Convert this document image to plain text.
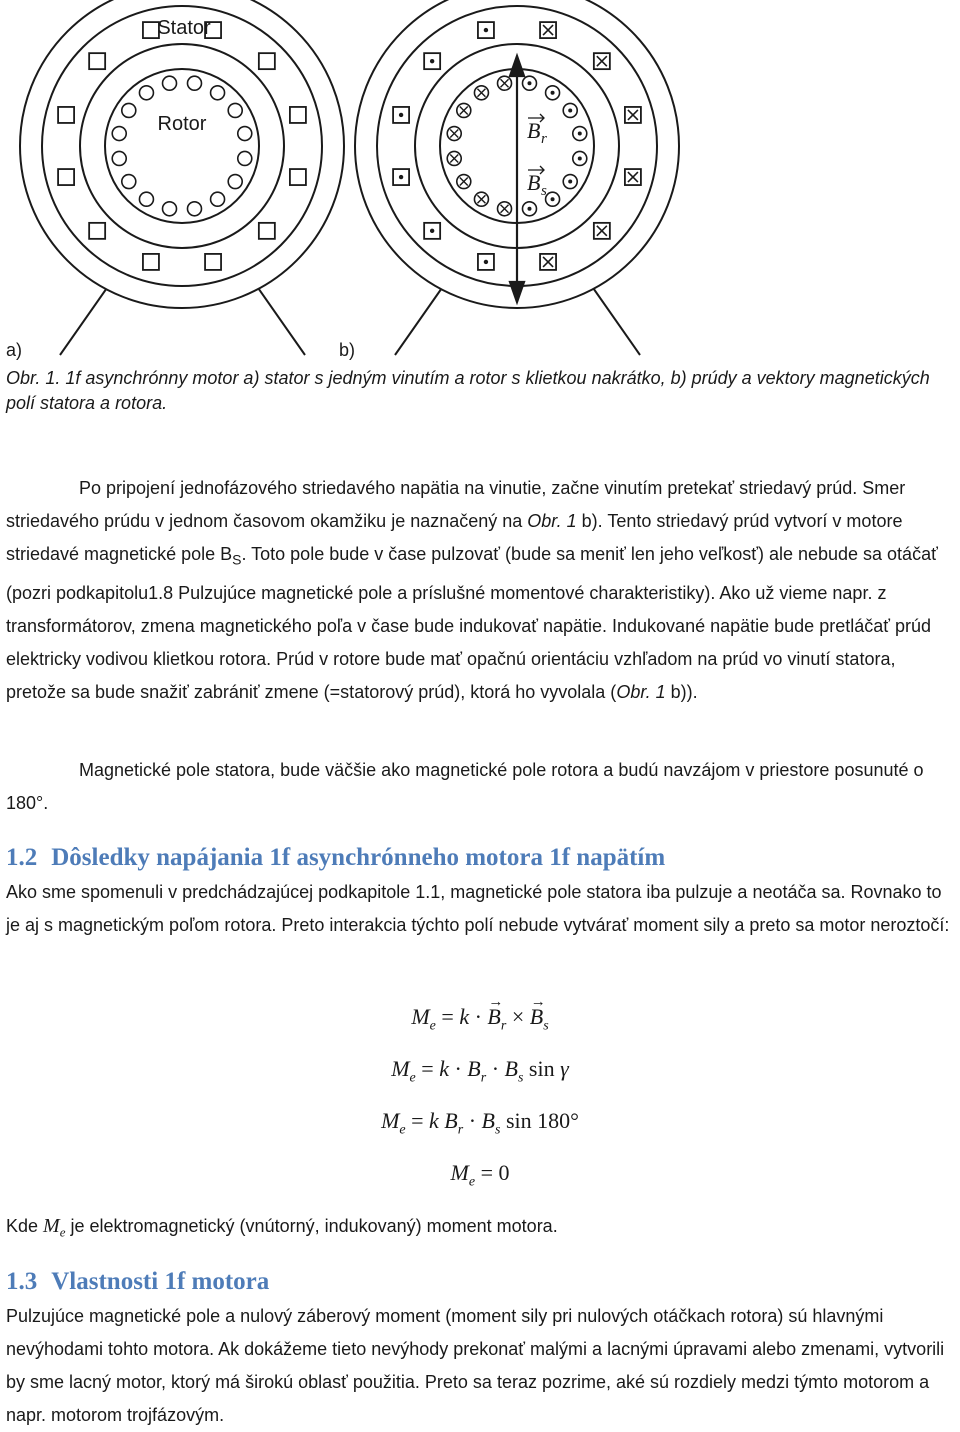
Stator
Rotor	B r
B s
a)	b)

Obr. 1. 1f asynchrónny motor a) stator s jedným vinutím a rotor s klietkou nakrátko, b) prúdy a vektory magnetických polí statora a rotora.

Po pripojení jednofázového striedavého napätia na vinutie, začne vinutím pretekať striedavý prúd. Smer striedavého prúdu v jednom časovom okamžiku je naznačený na Obr. 1 b). Tento striedavý prúd vytvorí v motore striedavé magnetické pole $B_S$. Toto pole bude v čase pulzovať (bude sa meniť len jeho veľkosť) ale nebude sa otáčať (pozri podkapitolu1.8 Pulzujúce magnetické pole a príslušné momentové charakteristiky). Ako už vieme napr. z transformátorov, zmena magnetického poľa v čase bude indukovať napätie. Indukované napätie bude pretláčať prúd elektricky vodivou klietkou rotora. Prúd v rotore bude mať opačnú orientáciu vzhľadom na prúd vo vinutí statora, pretože sa bude snažiť zabrániť zmene (=statorový prúd), ktorá ho vyvolala (Obr. 1 b)).

Magnetické pole statora, bude väčšie ako magnetické pole rotora a budú navzájom v priestore posunuté o 180°.

1.2 Dôsledky napájania 1f asynchrónneho motora 1f napätím

Ako sme spomenuli v predchádzajúcej podkapitole 1.1, magnetické pole statora iba pulzuje a neotáča sa. Rovnako to je aj s magnetickým poľom rotora. Preto interakcia týchto polí nebude vytvárať moment sily a preto sa motor neroztočí:

$M_e = k$ · → $B_r$ × → $B_s$
$M_e = k \cdot B_r \cdot B_s$ sin γ
$M_e = k$ $B_r \cdot B_s$ sin 180°
$M_e = 0$

Kde $M_e$ je elektromagnetický (vnútorný, indukovaný) moment motora.

1.3 Vlastnosti 1f motora

Pulzujúce magnetické pole a nulový záberový moment (moment sily pri nulových otáčkach rotora) sú hlavnými nevýhodami tohto motora. Ak dokážeme tieto nevýhody prekonať malými a lacnými úpravami alebo zmenami, vytvorili by sme lacný motor, ktorý má širokú oblasť použitia. Preto sa teraz pozrime, aké sú rozdiely medzi týmto motorom a napr. motorom trojfázovým.
